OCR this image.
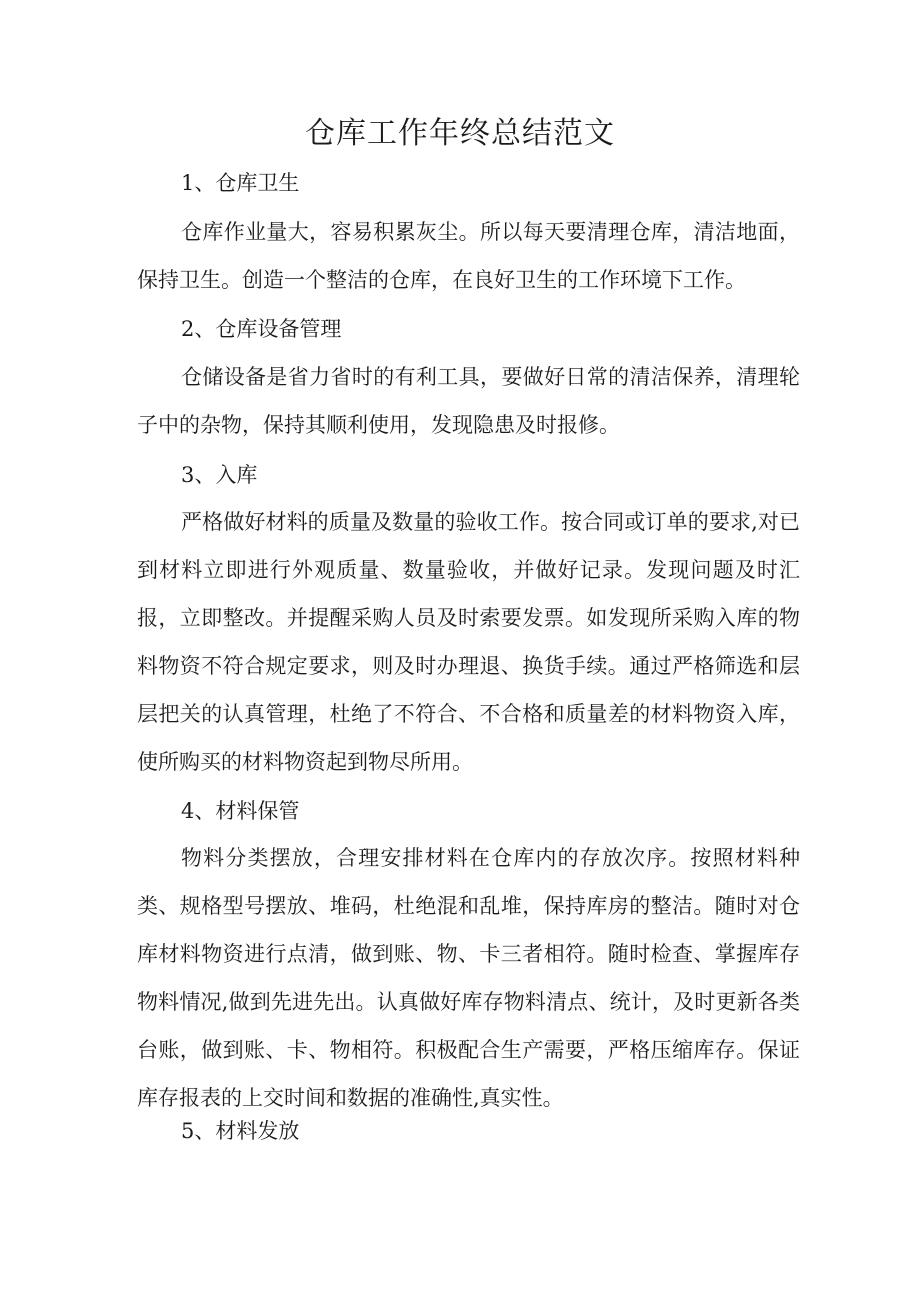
仓库工作年终总结范文
1、仓库卫生

仓库作业量大，容易积累灰尘。所以每天要清理仓库，清洁地面，保持卫生。创造一个整洁的仓库，在良好卫生的工作环境下工作。

2、仓库设备管理

仓储设备是省力省时的有利工具，要做好日常的清洁保养，清理轮子中的杂物，保持其顺利使用，发现隐患及时报修。

3、入库

严格做好材料的质量及数量的验收工作。按合同或订单的要求,对已到材料立即进行外观质量、数量验收，并做好记录。发现问题及时汇报，立即整改。并提醒采购人员及时索要发票。如发现所采购入库的物料物资不符合规定要求，则及时办理退、换货手续。通过严格筛选和层层把关的认真管理，杜绝了不符合、不合格和质量差的材料物资入库，使所购买的材料物资起到物尽所用。

4、材料保管

物料分类摆放，合理安排材料在仓库内的存放次序。按照材料种类、规格型号摆放、堆码，杜绝混和乱堆，保持库房的整洁。随时对仓库材料物资进行点清，做到账、物、卡三者相符。随时检查、掌握库存物料情况,做到先进先出。认真做好库存物料清点、统计，及时更新各类台账，做到账、卡、物相符。积极配合生产需要，严格压缩库存。保证库存报表的上交时间和数据的准确性,真实性。

5、材料发放
